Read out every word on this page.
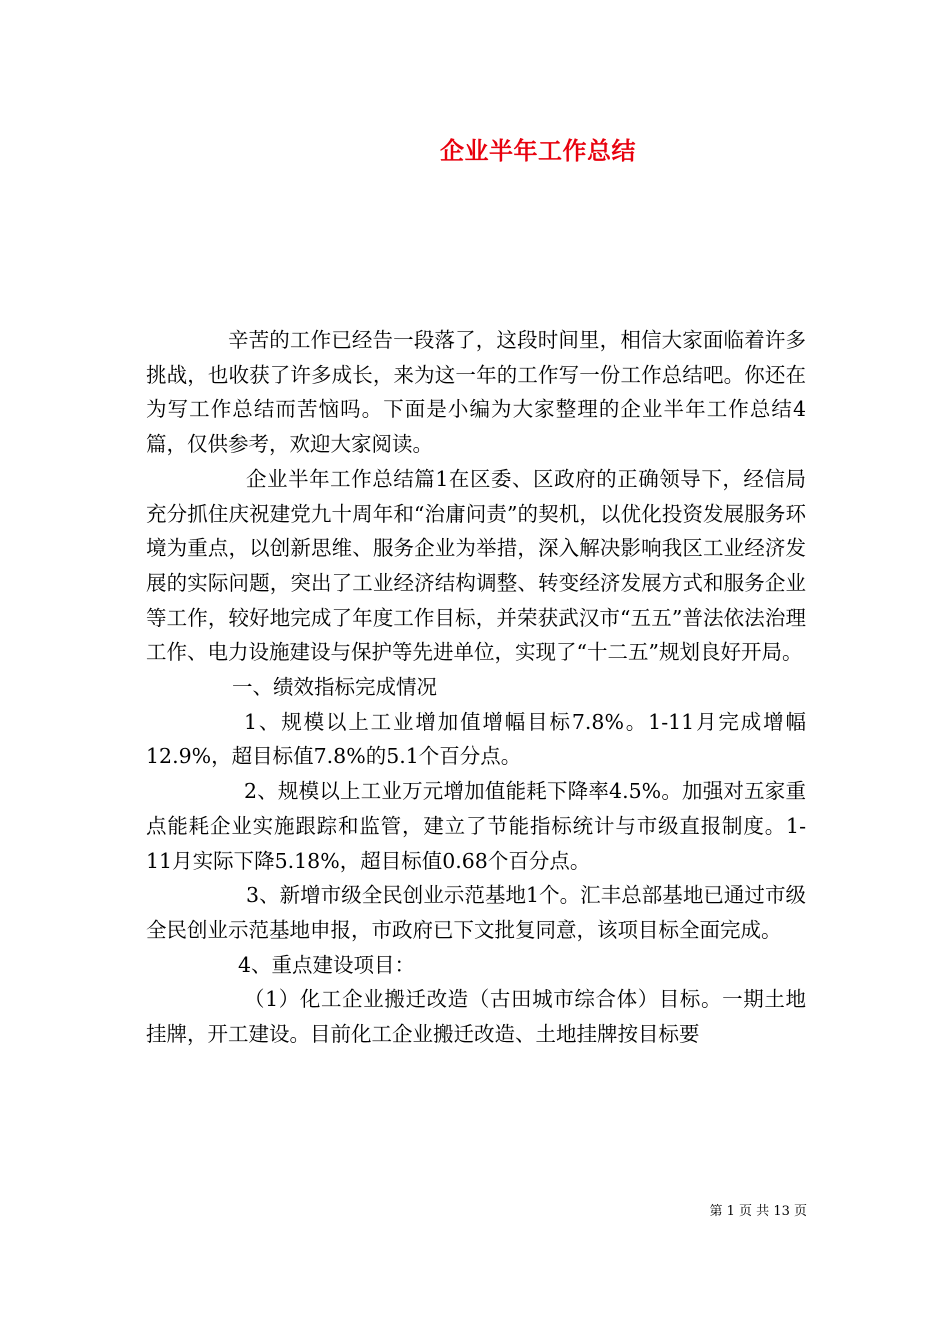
企业半年工作总结

辛苦的工作已经告一段落了，这段时间里，相信大家面临着许多挑战，也收获了许多成长，来为这一年的工作写一份工作总结吧。你还在为写工作总结而苦恼吗。下面是小编为大家整理的企业半年工作总结4篇，仅供参考，欢迎大家阅读。

企业半年工作总结篇1在区委、区政府的正确领导下，经信局充分抓住庆祝建党九十周年和“治庸问责”的契机，以优化投资发展服务环境为重点，以创新思维、服务企业为举措，深入解决影响我区工业经济发展的实际问题，突出了工业经济结构调整、转变经济发展方式和服务企业等工作，较好地完成了年度工作目标，并荣获武汉市“五五”普法依法治理工作、电力设施建设与保护等先进单位，实现了“十二五”规划良好开局。

一、绩效指标完成情况

1、规模以上工业增加值增幅目标7.8%。1-11月完成增幅12.9%，超目标值7.8%的5.1个百分点。

2、规模以上工业万元增加值能耗下降率4.5%。加强对五家重点能耗企业实施跟踪和监管，建立了节能指标统计与市级直报制度。1-11月实际下降5.18%，超目标值0.68个百分点。

3、新增市级全民创业示范基地1个。汇丰总部基地已通过市级全民创业示范基地申报，市政府已下文批复同意，该项目标全面完成。

4、重点建设项目：

（1）化工企业搬迁改造（古田城市综合体）目标。一期土地挂牌，开工建设。目前化工企业搬迁改造、土地挂牌按目标要

第 1 页 共 13 页
